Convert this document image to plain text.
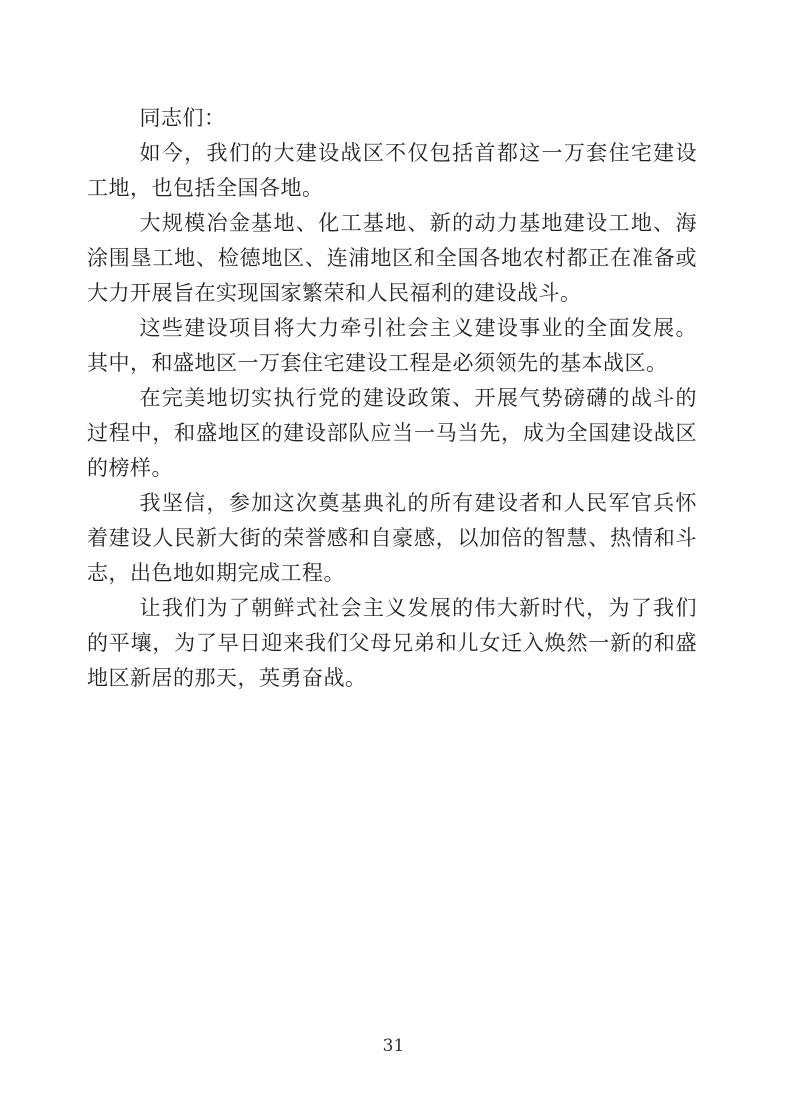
同志们：

如今，我们的大建设战区不仅包括首都这一万套住宅建设工地，也包括全国各地。

大规模冶金基地、化工基地、新的动力基地建设工地、海涂围垦工地、检德地区、连浦地区和全国各地农村都正在准备或大力开展旨在实现国家繁荣和人民福利的建设战斗。

这些建设项目将大力牵引社会主义建设事业的全面发展。其中，和盛地区一万套住宅建设工程是必须领先的基本战区。

在完美地切实执行党的建设政策、开展气势磅礴的战斗的过程中，和盛地区的建设部队应当一马当先，成为全国建设战区的榜样。

我坚信，参加这次奠基典礼的所有建设者和人民军官兵怀着建设人民新大街的荣誉感和自豪感，以加倍的智慧、热情和斗志，出色地如期完成工程。

让我们为了朝鲜式社会主义发展的伟大新时代，为了我们的平壤，为了早日迎来我们父母兄弟和儿女迁入焕然一新的和盛地区新居的那天，英勇奋战。

31
